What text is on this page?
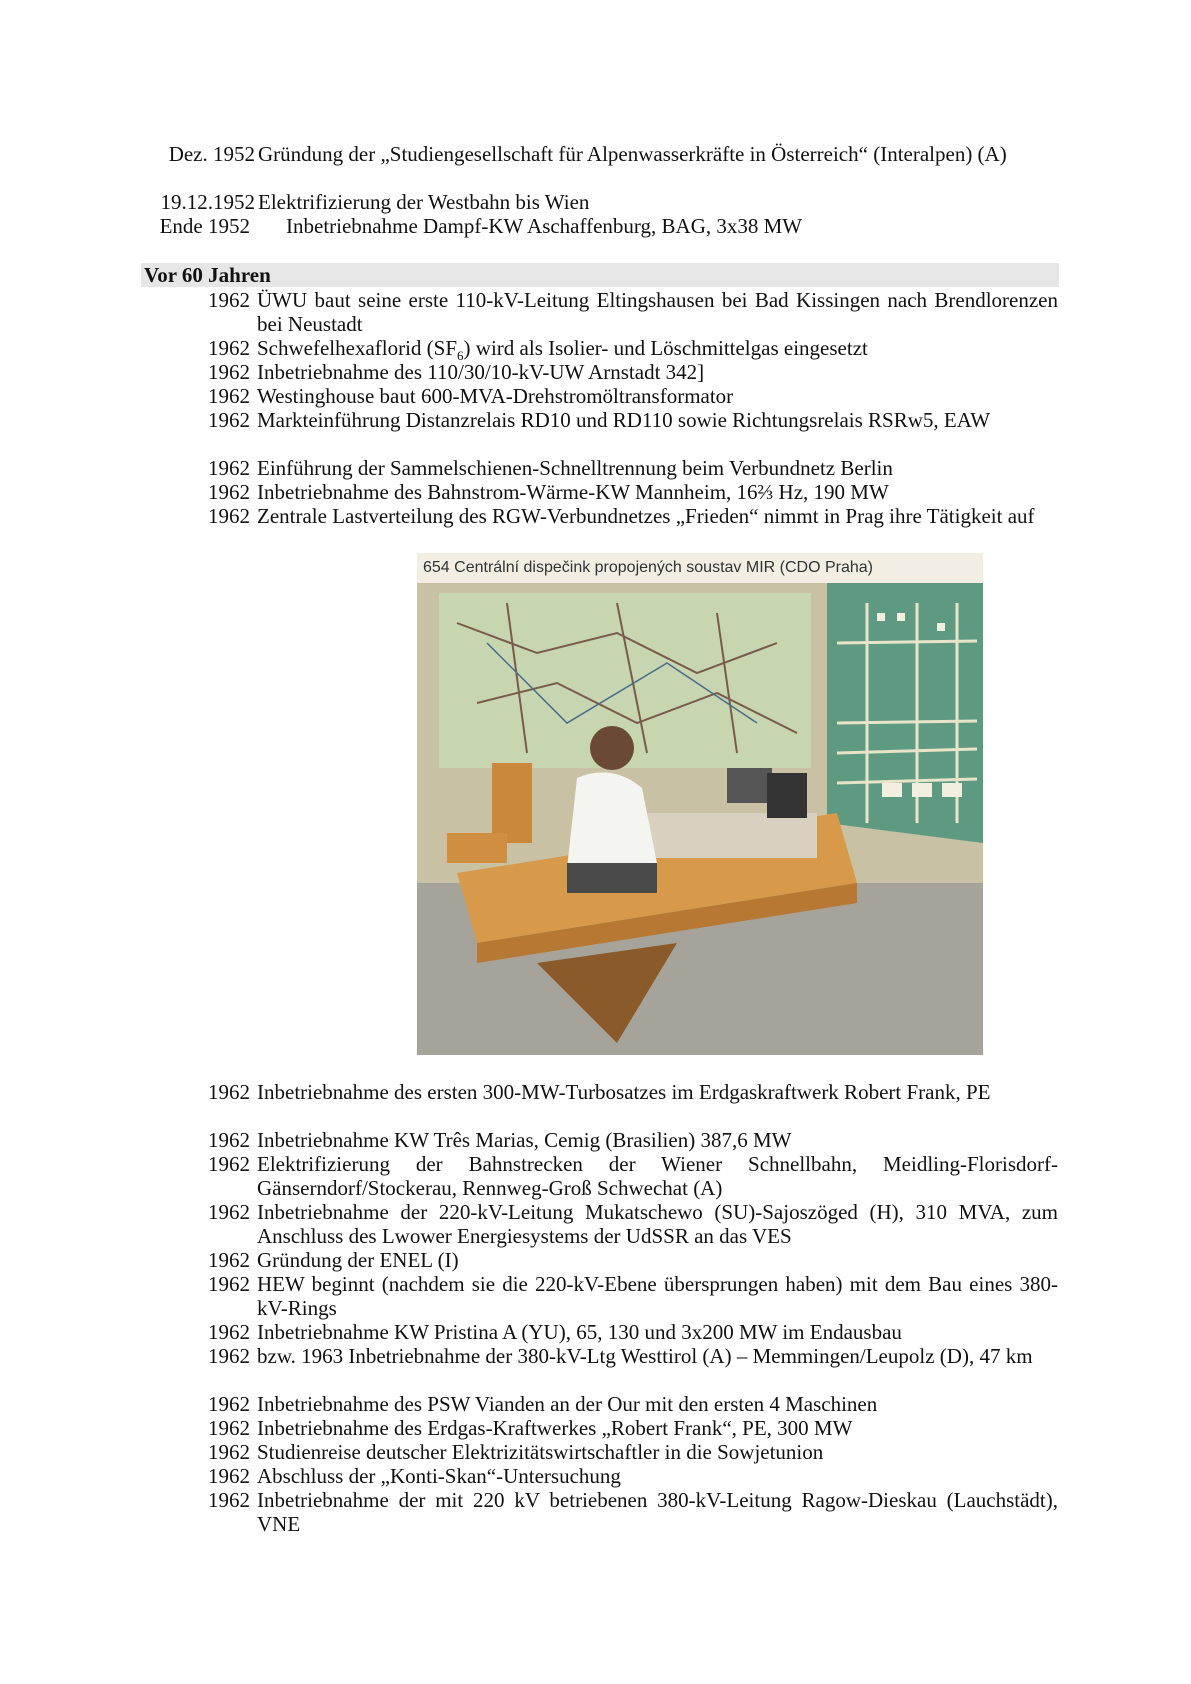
Dez. 1952 Gründung der „Studiengesellschaft für Alpenwasserkräfte in Österreich“ (Interalpen) (A)
19.12.1952 Elektrifizierung der Westbahn bis Wien
Ende 1952 Inbetriebnahme Dampf-KW Aschaffenburg, BAG, 3x38 MW
Vor 60 Jahren
1962 ÜWU baut seine erste 110-kV-Leitung Eltingshausen bei Bad Kissingen nach Brendlorenzen bei Neustadt
1962 Schwefelhexaflorid $(SF_6)$ wird als Isolier- und Löschmittelgas eingesetzt
1962 Inbetriebnahme des 110/30/10-kV-UW Arnstadt 342]
1962 Westinghouse baut 600-MVA-Drehstromöltransformator
1962 Markteinführung Distanzrelais RD10 und RD110 sowie Richtungsrelais RSRw5, EAW
1962 Einführung der Sammelschienen-Schnelltrennung beim Verbundnetz Berlin
1962 Inbetriebnahme des Bahnstrom-Wärme-KW Mannheim, 16⅔ Hz, 190 MW
1962 Zentrale Lastverteilung des RGW-Verbundnetzes „Frieden“ nimmt in Prag ihre Tätigkeit auf
654 Centrální dispečink propojených soustav MIR (CDO Praha)
1962 Inbetriebnahme des ersten 300-MW-Turbosatzes im Erdgaskraftwerk Robert Frank, PE
1962 Inbetriebnahme KW Três Marias, Cemig (Brasilien) 387,6 MW
1962 Elektrifizierung der Bahnstrecken der Wiener Schnellbahn, Meidling-Florisdorf-Gänserndorf/Stockerau, Rennweg-Groß Schwechat (A)
1962 Inbetriebnahme der 220-kV-Leitung Mukatschewo (SU)-Sajoszöged (H), 310 MVA, zum Anschluss des Lwower Energiesystems der UdSSR an das VES
1962 Gründung der ENEL (I)
1962 HEW beginnt (nachdem sie die 220-kV-Ebene übersprungen haben) mit dem Bau eines 380-kV-Rings
1962 Inbetriebnahme KW Pristina A (YU), 65, 130 und 3x200 MW im Endausbau
1962 bzw. 1963 Inbetriebnahme der 380-kV-Ltg Westtirol (A) – Memmingen/Leupolz (D), 47 km
1962 Inbetriebnahme des PSW Vianden an der Our mit den ersten 4 Maschinen
1962 Inbetriebnahme des Erdgas-Kraftwerkes „Robert Frank“, PE, 300 MW
1962 Studienreise deutscher Elektrizitätswirtschaftler in die Sowjetunion
1962 Abschluss der „Konti-Skan“-Untersuchung
1962 Inbetriebnahme der mit 220 kV betriebenen 380-kV-Leitung Ragow-Dieskau (Lauchstädt), VNE
